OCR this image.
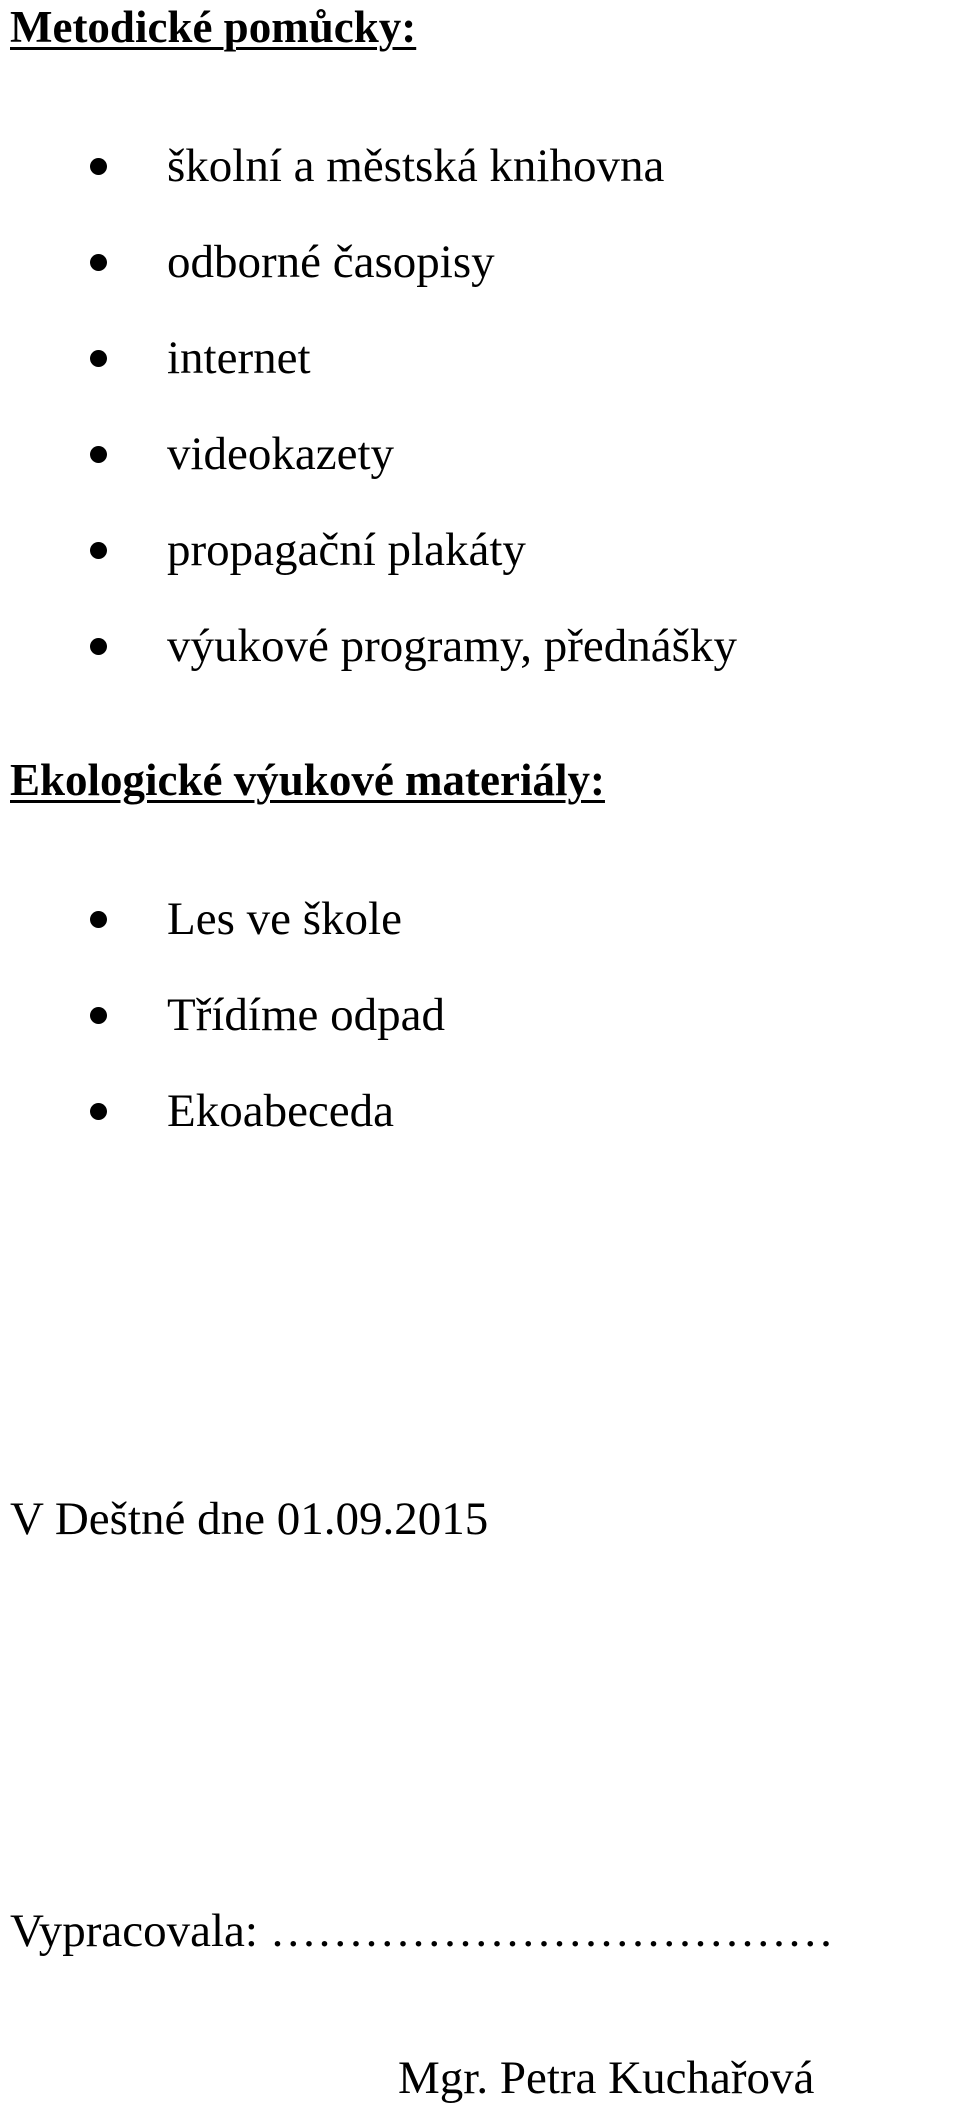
Metodické pomůcky:
školní a městská knihovna
odborné časopisy
internet
videokazety
propagační plakáty
výukové programy, přednášky
Ekologické výukové materiály:
Les ve škole
Třídíme odpad
Ekoabeceda

V Deštné dne 01.09.2015

Vypracovala: ………………………………

Mgr. Petra Kuchařová
